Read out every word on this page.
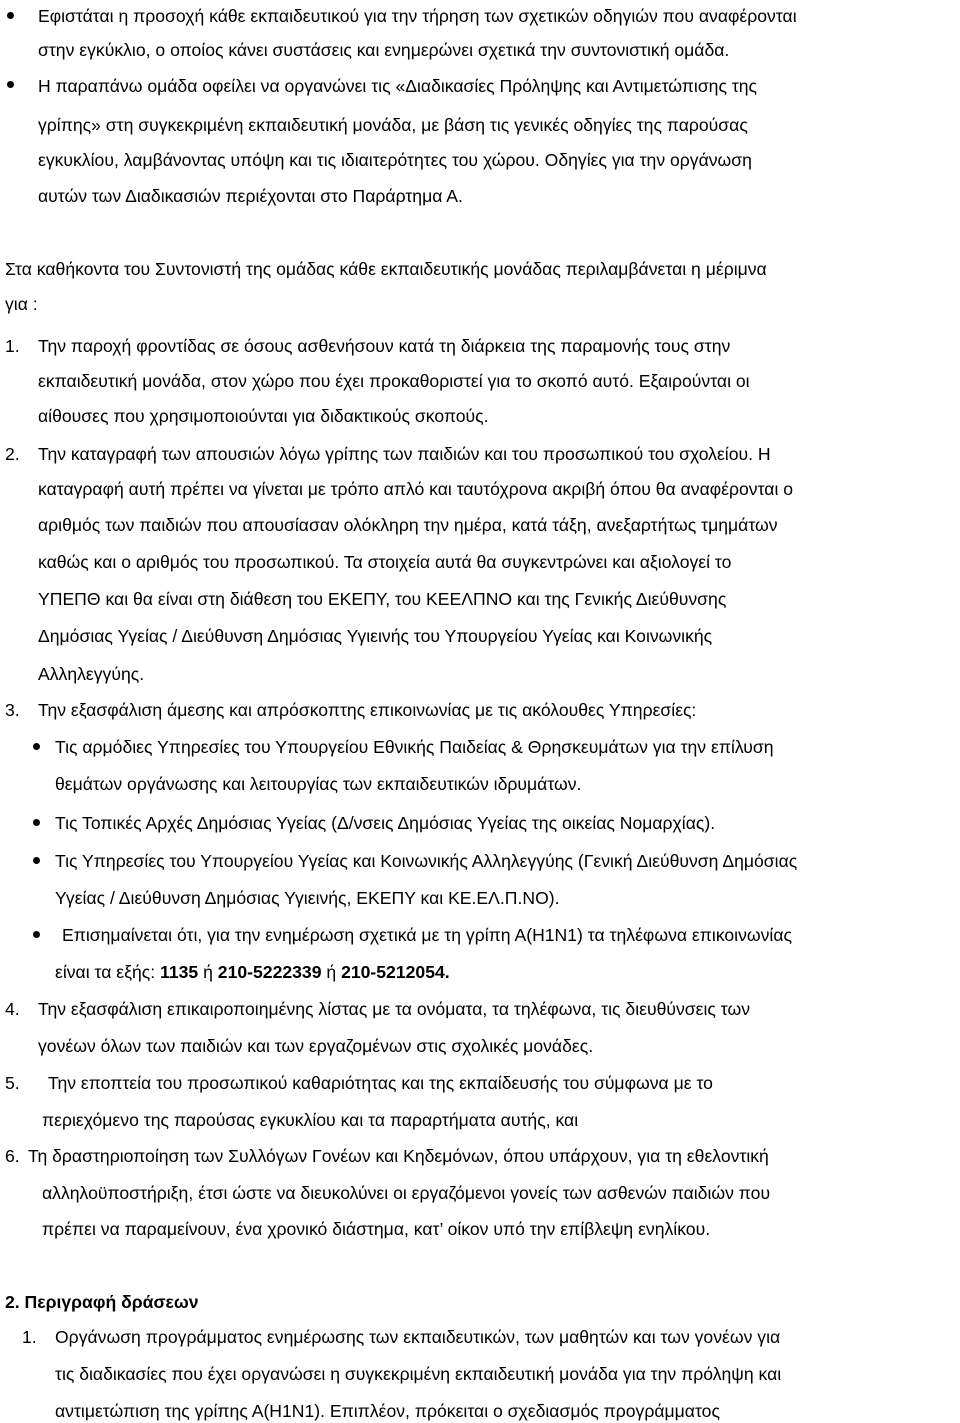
Εφιστάται η προσοχή κάθε εκπαιδευτικού για την τήρηση των σχετικών οδηγιών που αναφέρονται
στην εγκύκλιο, ο οποίος κάνει συστάσεις και ενημερώνει σχετικά την συντονιστική ομάδα.
Η παραπάνω ομάδα οφείλει να οργανώνει τις «Διαδικασίες Πρόληψης και Αντιμετώπισης της
γρίπης» στη συγκεκριμένη εκπαιδευτική μονάδα, με βάση τις γενικές οδηγίες της παρούσας
εγκυκλίου, λαμβάνοντας υπόψη και τις ιδιαιτερότητες του χώρου. Οδηγίες για την οργάνωση
αυτών των Διαδικασιών περιέχονται στο Παράρτημα Α.
Στα καθήκοντα του Συντονιστή της ομάδας κάθε εκπαιδευτικής μονάδας περιλαμβάνεται η μέριμνα
για :
1. Την παροχή φροντίδας σε όσους ασθενήσουν κατά τη διάρκεια της παραμονής τους στην
εκπαιδευτική μονάδα, στον χώρο που έχει προκαθοριστεί για το σκοπό αυτό. Εξαιρούνται οι
αίθουσες που χρησιμοποιούνται για διδακτικούς σκοπούς.
2. Την καταγραφή των απουσιών λόγω γρίπης των παιδιών και του προσωπικού του σχολείου. Η
καταγραφή αυτή πρέπει να γίνεται με τρόπο απλό και ταυτόχρονα ακριβή όπου θα αναφέρονται ο
αριθμός των παιδιών που απουσίασαν ολόκληρη την ημέρα, κατά τάξη, ανεξαρτήτως τμημάτων
καθώς και ο αριθμός του προσωπικού. Τα στοιχεία αυτά θα συγκεντρώνει και αξιολογεί το
ΥΠΕΠΘ και θα είναι στη διάθεση του ΕΚΕΠΥ, του ΚΕΕΛΠΝΟ και της Γενικής Διεύθυνσης
Δημόσιας Υγείας / Διεύθυνση Δημόσιας Υγιεινής του Υπουργείου Υγείας και Κοινωνικής
Αλληλεγγύης.
3. Την εξασφάλιση άμεσης και απρόσκοπτης επικοινωνίας με τις ακόλουθες Υπηρεσίες:
Τις αρμόδιες Υπηρεσίες του Υπουργείου Εθνικής Παιδείας & Θρησκευμάτων για την επίλυση
θεμάτων οργάνωσης και λειτουργίας των εκπαιδευτικών ιδρυμάτων.
Τις Τοπικές Αρχές Δημόσιας Υγείας (Δ/νσεις Δημόσιας Υγείας της οικείας Νομαρχίας).
Τις Υπηρεσίες του Υπουργείου Υγείας και Κοινωνικής Αλληλεγγύης (Γενική Διεύθυνση Δημόσιας
Υγείας / Διεύθυνση Δημόσιας Υγιεινής, ΕΚΕΠΥ και ΚΕ.ΕΛ.Π.ΝΟ).
Επισημαίνεται ότι, για την ενημέρωση σχετικά με τη γρίπη Α(Η1Ν1) τα τηλέφωνα επικοινωνίας
είναι τα εξής: 1135 ή 210-5222339 ή 210-5212054.
4. Την εξασφάλιση επικαιροποιημένης λίστας με τα ονόματα, τα τηλέφωνα, τις διευθύνσεις των
γονέων όλων των παιδιών και των εργαζομένων στις σχολικές μονάδες.
5. Την εποπτεία του προσωπικού καθαριότητας και της εκπαίδευσής του σύμφωνα με το
περιεχόμενο της παρούσας εγκυκλίου και τα παραρτήματα αυτής, και
6. Τη δραστηριοποίηση των Συλλόγων Γονέων και Κηδεμόνων, όπου υπάρχουν, για τη εθελοντική
αλληλοϋποστήριξη, έτσι ώστε να διευκολύνει οι εργαζόμενοι γονείς των ασθενών παιδιών που
πρέπει να παραμείνουν, ένα χρονικό διάστημα, κατ’ οίκον υπό την επίβλεψη ενηλίκου.
2. Περιγραφή δράσεων
1. Οργάνωση προγράμματος ενημέρωσης των εκπαιδευτικών, των μαθητών και των γονέων για
τις διαδικασίες που έχει οργανώσει η συγκεκριμένη εκπαιδευτική μονάδα για την πρόληψη και
αντιμετώπιση της γρίπης Α(Η1Ν1). Επιπλέον, πρόκειται ο σχεδιασμός προγράμματος
